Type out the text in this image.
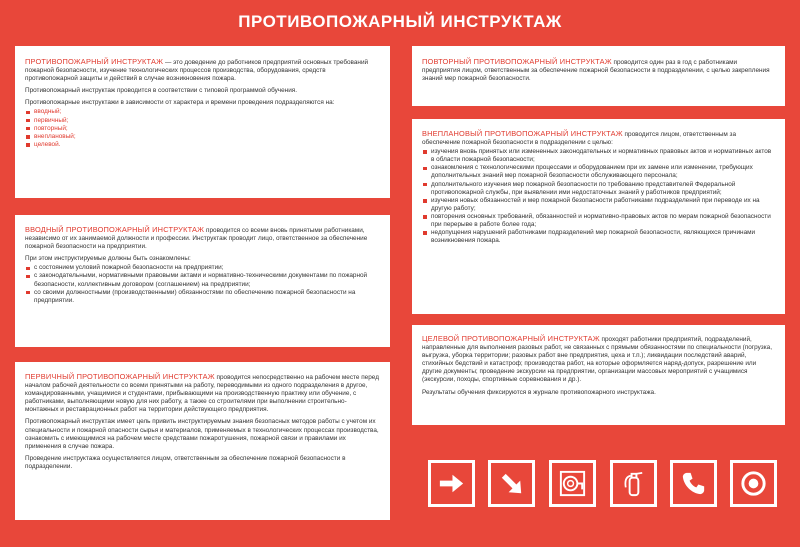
ПРОТИВОПОЖАРНЫЙ ИНСТРУКТАЖ

ПРОТИВОПОЖАРНЫЙ ИНСТРУКТАЖ — это доведение до работников предприятий основных требований пожарной безопасности, изучение технологических процессов производства, оборудования, средств противопожарной защиты и действий в случае возникновения пожара.

Противопожарный инструктаж проводится в соответствии с типовой программой обучения.

Противопожарные инструктажи в зависимости от характера и времени проведения подразделяются на:

вводный;
первичный;
повторный;
внеплановый;
целевой.

ВВОДНЫЙ ПРОТИВОПОЖАРНЫЙ ИНСТРУКТАЖ проводится со всеми вновь принятыми работниками, независимо от их занимаемой должности и профессии. Инструктаж проводит лицо, ответственное за обеспечение пожарной безопасности на предприятии.

При этом инструктируемые должны быть ознакомлены:

с состоянием условий пожарной безопасности на предприятии;
с законодательными, нормативными правовыми актами и нормативно-техническими документами по пожарной безопасности, коллективным договором (соглашением) на предприятии;
со своими должностными (производственными) обязанностями по обеспечению пожарной безопасности на предприятии.

ПЕРВИЧНЫЙ ПРОТИВОПОЖАРНЫЙ ИНСТРУКТАЖ проводится непосредственно на рабочем месте перед началом рабочей деятельности со всеми принятыми на работу, переводимыми из одного подразделения в другое, командированными, учащимися и студентами, прибывающими на производственную практику или обучение, с работниками, выполняющими новую для них работу, а также со строителями при выполнении строительно-монтажных и реставрационных работ на территории действующего предприятия.

Противопожарный инструктаж имеет цель привить инструктируемым знания безопасных методов работы с учетом их специальности и пожарной опасности сырья и материалов, применяемых в технологических процессах производства, ознакомить с имеющимися на рабочем месте средствами пожаротушения, пожарной связи и правилами их применения в случае пожара.

Проведение инструктажа осуществляется лицом, ответственным за обеспечение пожарной безопасности в подразделении.

ПОВТОРНЫЙ ПРОТИВОПОЖАРНЫЙ ИНСТРУКТАЖ проводится один раз в год с работниками предприятия лицом, ответственным за обеспечение пожарной безопасности в подразделении, с целью закрепления знаний мер пожарной безопасности.

ВНЕПЛАНОВЫЙ ПРОТИВОПОЖАРНЫЙ ИНСТРУКТАЖ проводится лицом, ответственным за обеспечение пожарной безопасности в подразделении с целью:

изучения вновь принятых или измененных законодательных и нормативных правовых актов и нормативных актов в области пожарной безопасности;
ознакомления с технологическими процессами и оборудованием при их замене или изменении, требующих дополнительных знаний мер пожарной безопасности обслуживающего персонала;
дополнительного изучения мер пожарной безопасности по требованию представителей Федеральной противопожарной службы, при выявлении ими недостаточных знаний у работников предприятий;
изучения новых обязанностей и мер пожарной безопасности работниками подразделений при переводе их на другую работу;
повторения основных требований, обязанностей и нормативно-правовых актов по мерам пожарной безопасности при перерыве в работе более года;
недопущения нарушений работниками подразделений мер пожарной безопасности, являющихся причинами возникновения пожара.

ЦЕЛЕВОЙ ПРОТИВОПОЖАРНЫЙ ИНСТРУКТАЖ проходят работники предприятий, подразделений, направленные для выполнения разовых работ, не связанных с прямыми обязанностями по специальности (погрузка, выгрузка, уборка территории; разовых работ вне предприятия, цеха и т.п.); ликвидации последствий аварий, стихийных бедствий и катастроф; производства работ, на которые оформляется наряд-допуск, разрешение или другие документы; проведение экскурсии на предприятии, организации массовых мероприятий с учащимися (экскурсии, походы, спортивные соревнования и др.).

Результаты обучения фиксируются в журнале противопожарного инструктажа.
